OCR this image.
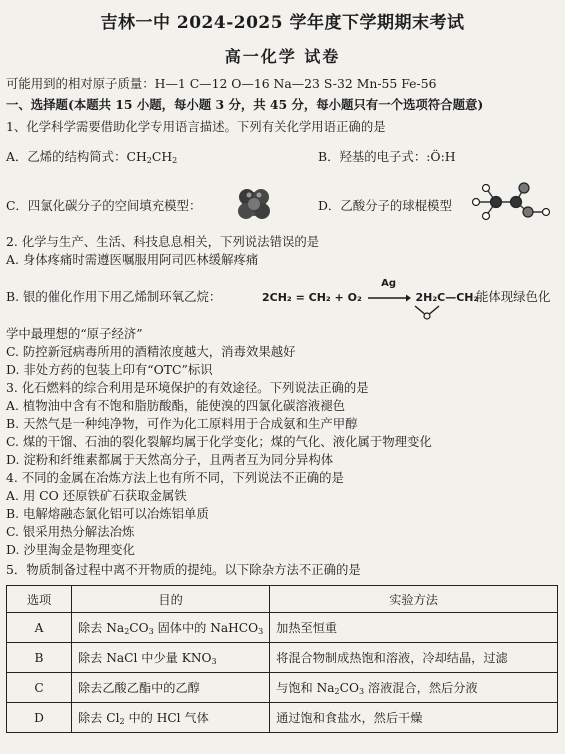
吉林一中 2024-2025 学年度下学期期末考试
高一化学 试卷
可能用到的相对原子质量：H—1 C—12 O—16 Na—23 S-32 Mn-55 Fe-56
一、选择题(本题共 15 小题，每小题 3 分，共 45 分，每小题只有一个选项符合题意)
1、化学科学需要借助化学专用语言描述。下列有关化学用语正确的是
A．乙烯的结构简式：$CH_2CH_2$	B．羟基的电子式：:Ö:H
C．四氯化碳分子的空间填充模型：	D．乙酸分子的球棍模型
2. 化学与生产、生活、科技息息相关，下列说法错误的是
A. 身体疼痛时需遵医嘱服用阿司匹林缓解疼痛
B. 银的催化作用下用乙烯制环氧乙烷：	2CH₂ = CH₂ + O₂
Ag
2H₂C—CH₂
能体现绿色化
学中最理想的“原子经济”
C. 防控新冠病毒所用的酒精浓度越大，消毒效果越好
D. 非处方药的包装上印有“OTC”标识
3. 化石燃料的综合利用是环境保护的有效途径。下列说法正确的是
A. 植物油中含有不饱和脂肪酸酯，能使溴的四氯化碳溶液褪色
B. 天然气是一种纯净物，可作为化工原料用于合成氨和生产甲醇
C. 煤的干馏、石油的裂化裂解均属于化学变化；煤的气化、液化属于物理变化
D. 淀粉和纤维素都属于天然高分子，且两者互为同分异构体
4. 不同的金属在冶炼方法上也有所不同，下列说法不正确的是
A. 用 CO 还原铁矿石获取金属铁
B. 电解熔融态氯化铝可以冶炼铝单质
C. 银采用热分解法冶炼
D. 沙里淘金是物理变化
5．物质制备过程中离不开物质的提纯。以下除杂方法不正确的是
选项	目的	实验方法
A	除去 $Na_2CO_3$ 固体中的 NaHCO$_3$	加热至恒重
B	除去 NaCl 中少量 $KNO_3$	将混合物制成热饱和溶液，冷却结晶，过滤
C	除去乙酸乙酯中的乙醇	与饱和 $Na_2CO_3$ 溶液混合，然后分液
D	除去 $Cl_2$ 中的 HCl 气体	通过饱和食盐水，然后干燥
